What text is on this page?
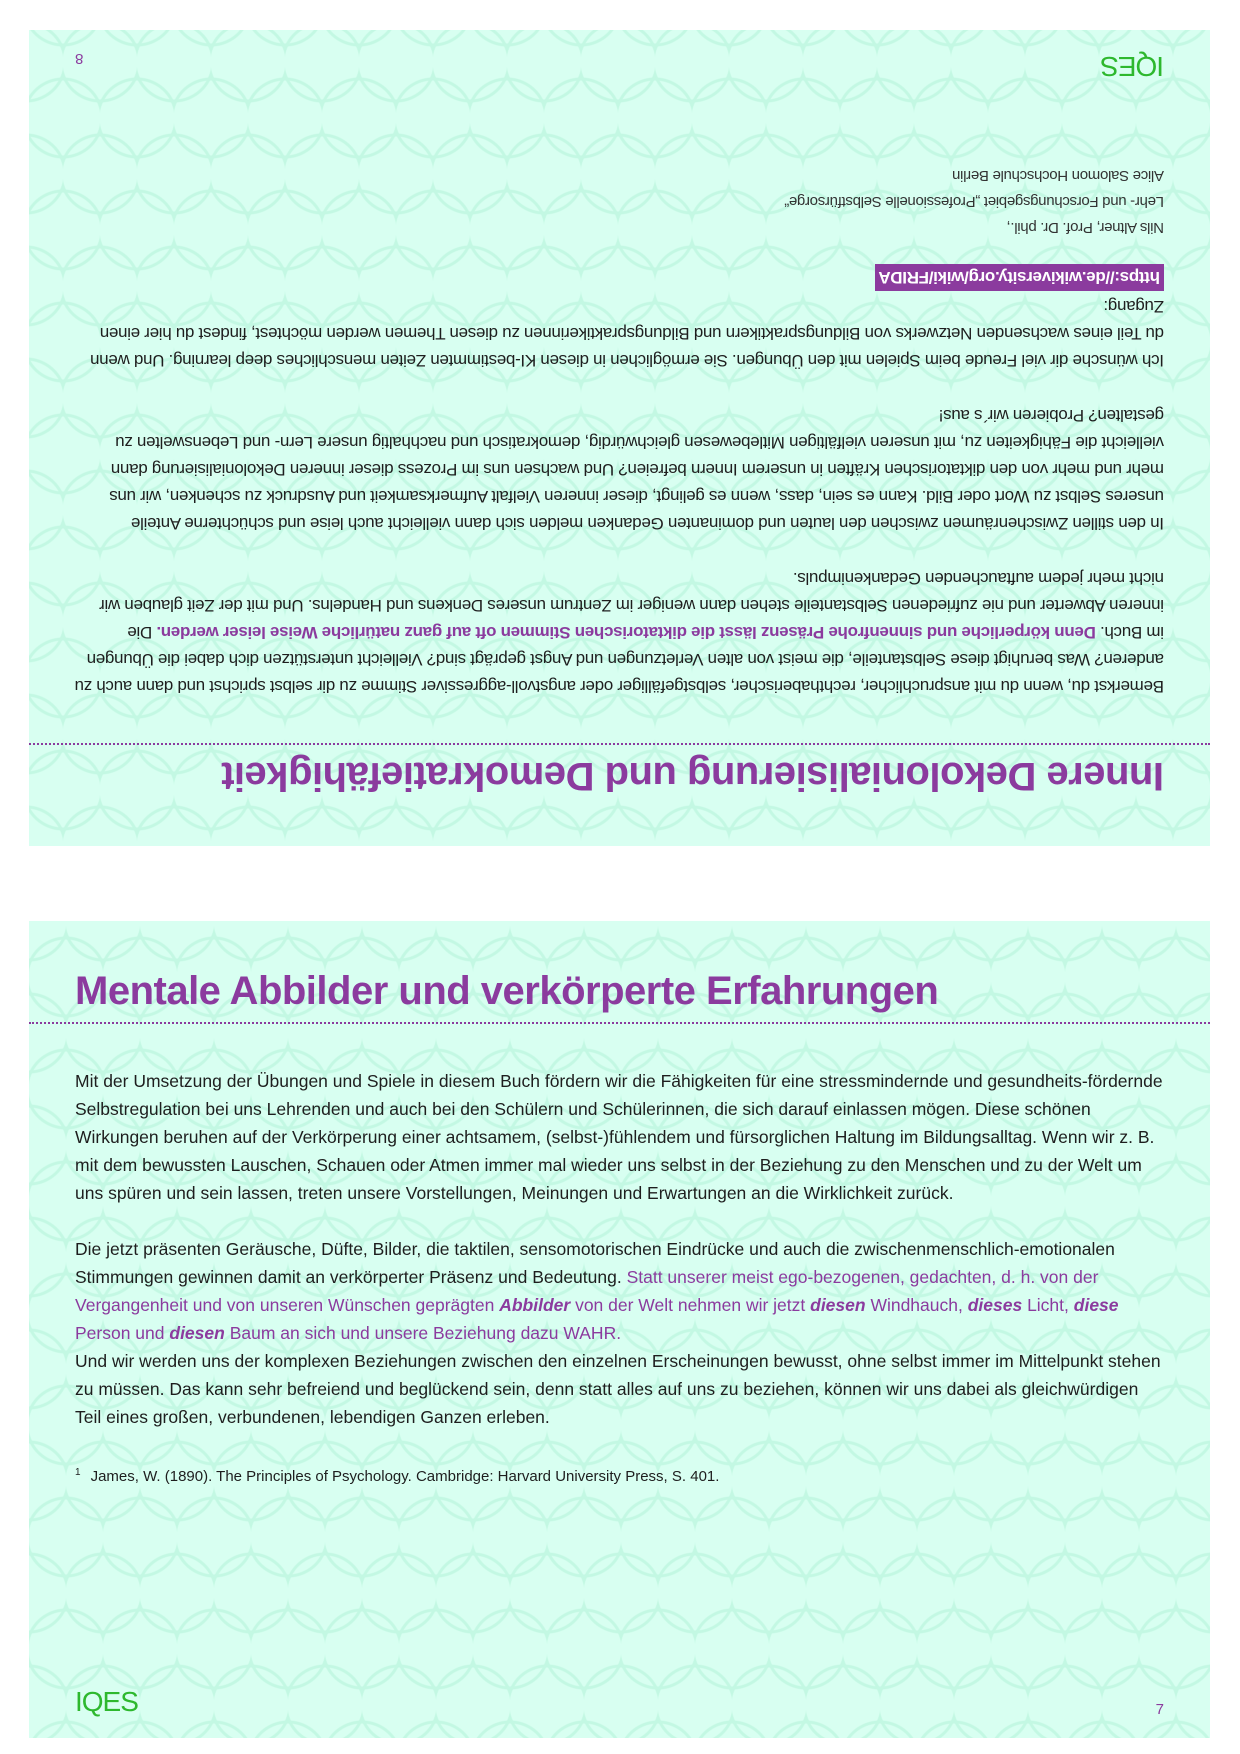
Innere Dekolonialisierung und Demokratiefähigkeit

Bemerkst du, wenn du mit anspruchlicher, rechthaberischer, selbstgefälliger oder angstvoll-aggressiver Stimme zu dir selbst sprichst und dann auch zu anderen? Was beruhigt diese Selbstanteile, die meist von alten Verletzungen und Angst geprägt sind? Vielleicht unterstützen dich dabei die Übungen im Buch. Denn körperliche und sinnenfrohe Präsenz lässt die diktatorischen Stimmen oft auf ganz natürliche Weise leiser werden. Die inneren Abwerter und nie zufriedenen Selbstanteile stehen dann weniger im Zentrum unseres Denkens und Handelns. Und mit der Zeit glauben wir nicht mehr jedem auftauchenden Gedankenimpuls.

In den stillen Zwischenräumen zwischen den lauten und dominanten Gedanken melden sich dann vielleicht auch leise und schüchterne Anteile unseres Selbst zu Wort oder Bild. Kann es sein, dass, wenn es gelingt, dieser inneren Vielfalt Aufmerksamkeit und Ausdruck zu schenken, wir uns mehr und mehr von den diktatorischen Kräften in unserem Innern befreien? Und wachsen uns im Prozess dieser inneren Dekolonialisierung dann vielleicht die Fähigkeiten zu, mit unseren vielfältigen Mitlebewesen gleichwürdig, demokratisch und nachhaltig unsere Lern- und Lebenswelten zu gestalten? Probieren wir´s aus!

Ich wünsche dir viel Freude beim Spielen mit den Übungen. Sie ermöglichen in diesen KI-bestimmten Zeiten menschliches deep learning. Und wenn du Teil eines wachsenden Netzwerks von Bildungspraktikern und Bildungspraktikerinnen zu diesen Themen werden möchtest, findest du hier einen Zugang:
https://de.wikiversity.org/wiki/FRIDA

Nils Altner, Prof. Dr. phil.,
Lehr- und Forschungsgebiet „Professionelle Selbstfürsorge“
Alice Salomon Hochschule Berlin
IQES
8
Mentale Abbilder und verkörperte Erfahrungen

Mit der Umsetzung der Übungen und Spiele in diesem Buch fördern wir die Fähigkeiten für eine stressmindernde und gesundheits-fördernde Selbstregulation bei uns Lehrenden und auch bei den Schülern und Schülerinnen, die sich darauf einlassen mögen. Diese schönen Wirkungen beruhen auf der Verkörperung einer achtsamem, (selbst-)fühlendem und fürsorglichen Haltung im Bildungsalltag. Wenn wir z. B. mit dem bewussten Lauschen, Schauen oder Atmen immer mal wieder uns selbst in der Beziehung zu den Menschen und zu der Welt um uns spüren und sein lassen, treten unsere Vorstellungen, Meinungen und Erwartungen an die Wirklichkeit zurück.

Die jetzt präsenten Geräusche, Düfte, Bilder, die taktilen, sensomotorischen Eindrücke und auch die zwischenmenschlich-emotionalen Stimmungen gewinnen damit an verkörperter Präsenz und Bedeutung. Statt unserer meist ego-bezogenen, gedachten, d. h. von der Vergangenheit und von unseren Wünschen geprägten Abbilder von der Welt nehmen wir jetzt diesen Windhauch, dieses Licht, diese Person und diesen Baum an sich und unsere Beziehung dazu WAHR.

Und wir werden uns der komplexen Beziehungen zwischen den einzelnen Erscheinungen bewusst, ohne selbst immer im Mittelpunkt stehen zu müssen. Das kann sehr befreiend und beglückend sein, denn statt alles auf uns zu beziehen, können wir uns dabei als gleichwürdigen Teil eines großen, verbundenen, lebendigen Ganzen erleben.

$^1$ James, W. (1890). The Principles of Psychology. Cambridge: Harvard University Press, S. 401.
IQES	7
